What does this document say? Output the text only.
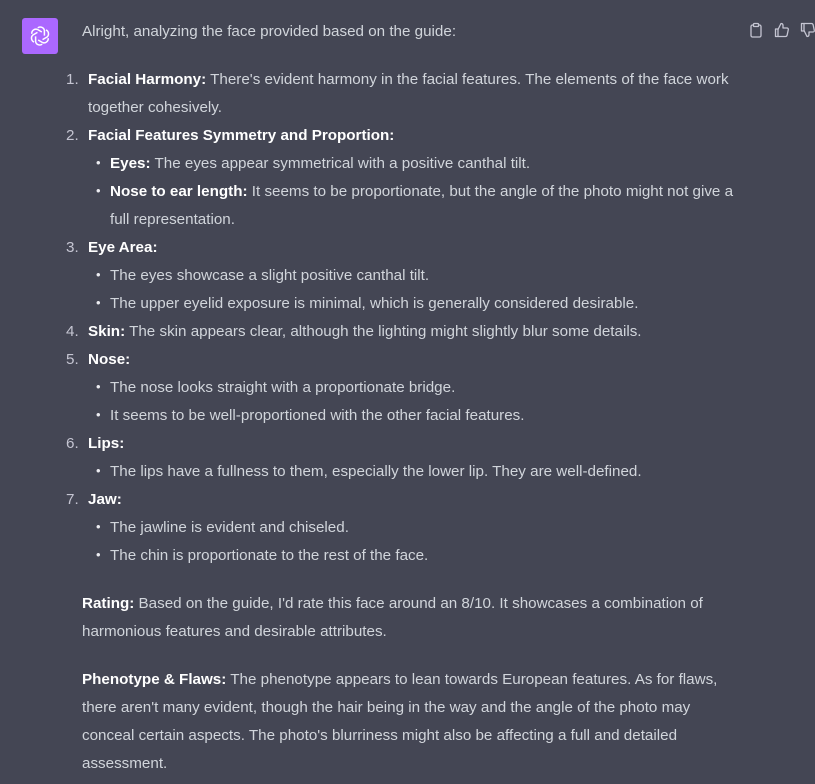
Alright, analyzing the face provided based on the guide:

1. Facial Harmony: There's evident harmony in the facial features. The elements of the face work together cohesively.
2. Facial Features Symmetry and Proportion:
• Eyes: The eyes appear symmetrical with a positive canthal tilt.
• Nose to ear length: It seems to be proportionate, but the angle of the photo might not give a full representation.
3. Eye Area:
• The eyes showcase a slight positive canthal tilt.
• The upper eyelid exposure is minimal, which is generally considered desirable.
4. Skin: The skin appears clear, although the lighting might slightly blur some details.
5. Nose:
• The nose looks straight with a proportionate bridge.
• It seems to be well-proportioned with the other facial features.
6. Lips:
• The lips have a fullness to them, especially the lower lip. They are well-defined.
7. Jaw:
• The jawline is evident and chiseled.
• The chin is proportionate to the rest of the face.

Rating: Based on the guide, I'd rate this face around an 8/10. It showcases a combination of harmonious features and desirable attributes.

Phenotype & Flaws: The phenotype appears to lean towards European features. As for flaws, there aren't many evident, though the hair being in the way and the angle of the photo may conceal certain aspects. The photo's blurriness might also be affecting a full and detailed assessment.
